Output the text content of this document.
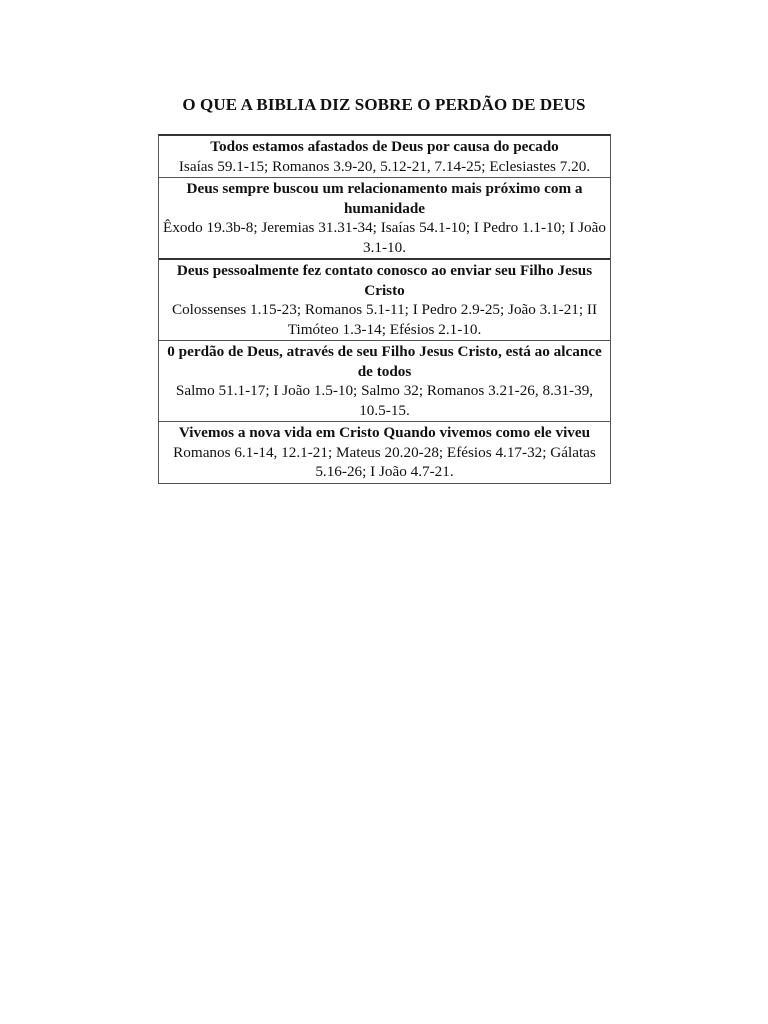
O QUE A BIBLIA DIZ SOBRE O PERDÃO DE DEUS
Todos estamos afastados de Deus por causa do pecado
Isaías 59.1-15; Romanos 3.9-20, 5.12-21, 7.14-25; Eclesiastes 7.20.
Deus sempre buscou um relacionamento mais próximo com a humanidade
Êxodo 19.3b-8; Jeremias 31.31-34; Isaías 54.1-10; I Pedro 1.1-10; I João 3.1-10.
Deus pessoalmente fez contato conosco ao enviar seu Filho Jesus Cristo
Colossenses 1.15-23; Romanos 5.1-11; I Pedro 2.9-25; João 3.1-21; II Timóteo 1.3-14; Efésios 2.1-10.
0 perdão de Deus, através de seu Filho Jesus Cristo, está ao alcance de todos
Salmo 51.1-17; I João 1.5-10; Salmo 32; Romanos 3.21-26, 8.31-39, 10.5-15.
Vivemos a nova vida em Cristo Quando vivemos como ele viveu
Romanos 6.1-14, 12.1-21; Mateus 20.20-28; Efésios 4.17-32; Gálatas 5.16-26; I João 4.7-21.
